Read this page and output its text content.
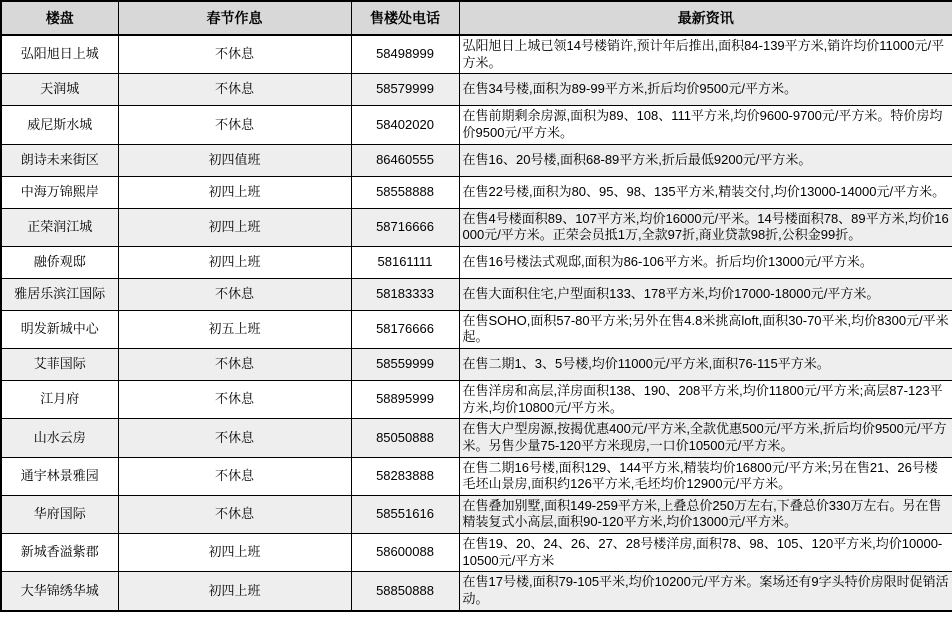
楼盘	春节作息	售楼处电话	最新资讯
弘阳旭日上城	不休息	58498999	弘阳旭日上城已领14号楼销许,预计年后推出,面积84-139平方米,销许均价11000元/平方米。
天润城	不休息	58579999	在售34号楼,面积为89-99平方米,折后均价9500元/平方米。
威尼斯水城	不休息	58402020	在售前期剩余房源,面积为89、108、111平方米,均价9600-9700元/平方米。特价房均价9500元/平方米。
朗诗未来街区	初四值班	86460555	在售16、20号楼,面积68-89平方米,折后最低9200元/平方米。
中海万锦熙岸	初四上班	58558888	在售22号楼,面积为80、95、98、135平方米,精装交付,均价13000-14000元/平方米。
正荣润江城	初四上班	58716666	在售4号楼面积89、107平方米,均价16000元/平米。14号楼面积78、89平方米,均价16000元/平方米。正荣会员抵1万,全款97折,商业贷款98折,公积金99折。
融侨观邸	初四上班	58161111	在售16号楼法式观邸,面积为86-106平方米。折后均价13000元/平方米。
雅居乐滨江国际	不休息	58183333	在售大面积住宅,户型面积133、178平方米,均价17000-18000元/平方米。
明发新城中心	初五上班	58176666	在售SOHO,面积57-80平方米;另外在售4.8米挑高loft,面积30-70平米,均价8300元/平米起。
艾菲国际	不休息	58559999	在售二期1、3、5号楼,均价11000元/平方米,面积76-115平方米。
江月府	不休息	58895999	在售洋房和高层,洋房面积138、190、208平方米,均价11800元/平方米;高层87-123平方米,均价10800元/平方米。
山水云房	不休息	85050888	在售大户型房源,按揭优惠400元/平方米,全款优惠500元/平方米,折后均价9500元/平方米。另售少量75-120平方米现房,一口价10500元/平方米。
通宇林景雅园	不休息	58283888	在售二期16号楼,面积129、144平方米,精装均价16800元/平方米;另在售21、26号楼毛坯山景房,面积约126平方米,毛坯均价12900元/平方米。
华府国际	不休息	58551616	在售叠加别墅,面积149-259平方米,上叠总价250万左右,下叠总价330万左右。另在售精装复式小高层,面积90-120平方米,均价13000元/平方米。
新城香溢紫郡	初四上班	58600088	在售19、20、24、26、27、28号楼洋房,面积78、98、105、120平方米,均价10000-10500元/平方米
大华锦绣华城	初四上班	58850888	在售17号楼,面积79-105平米,均价10200元/平方米。案场还有9字头特价房限时促销活动。
